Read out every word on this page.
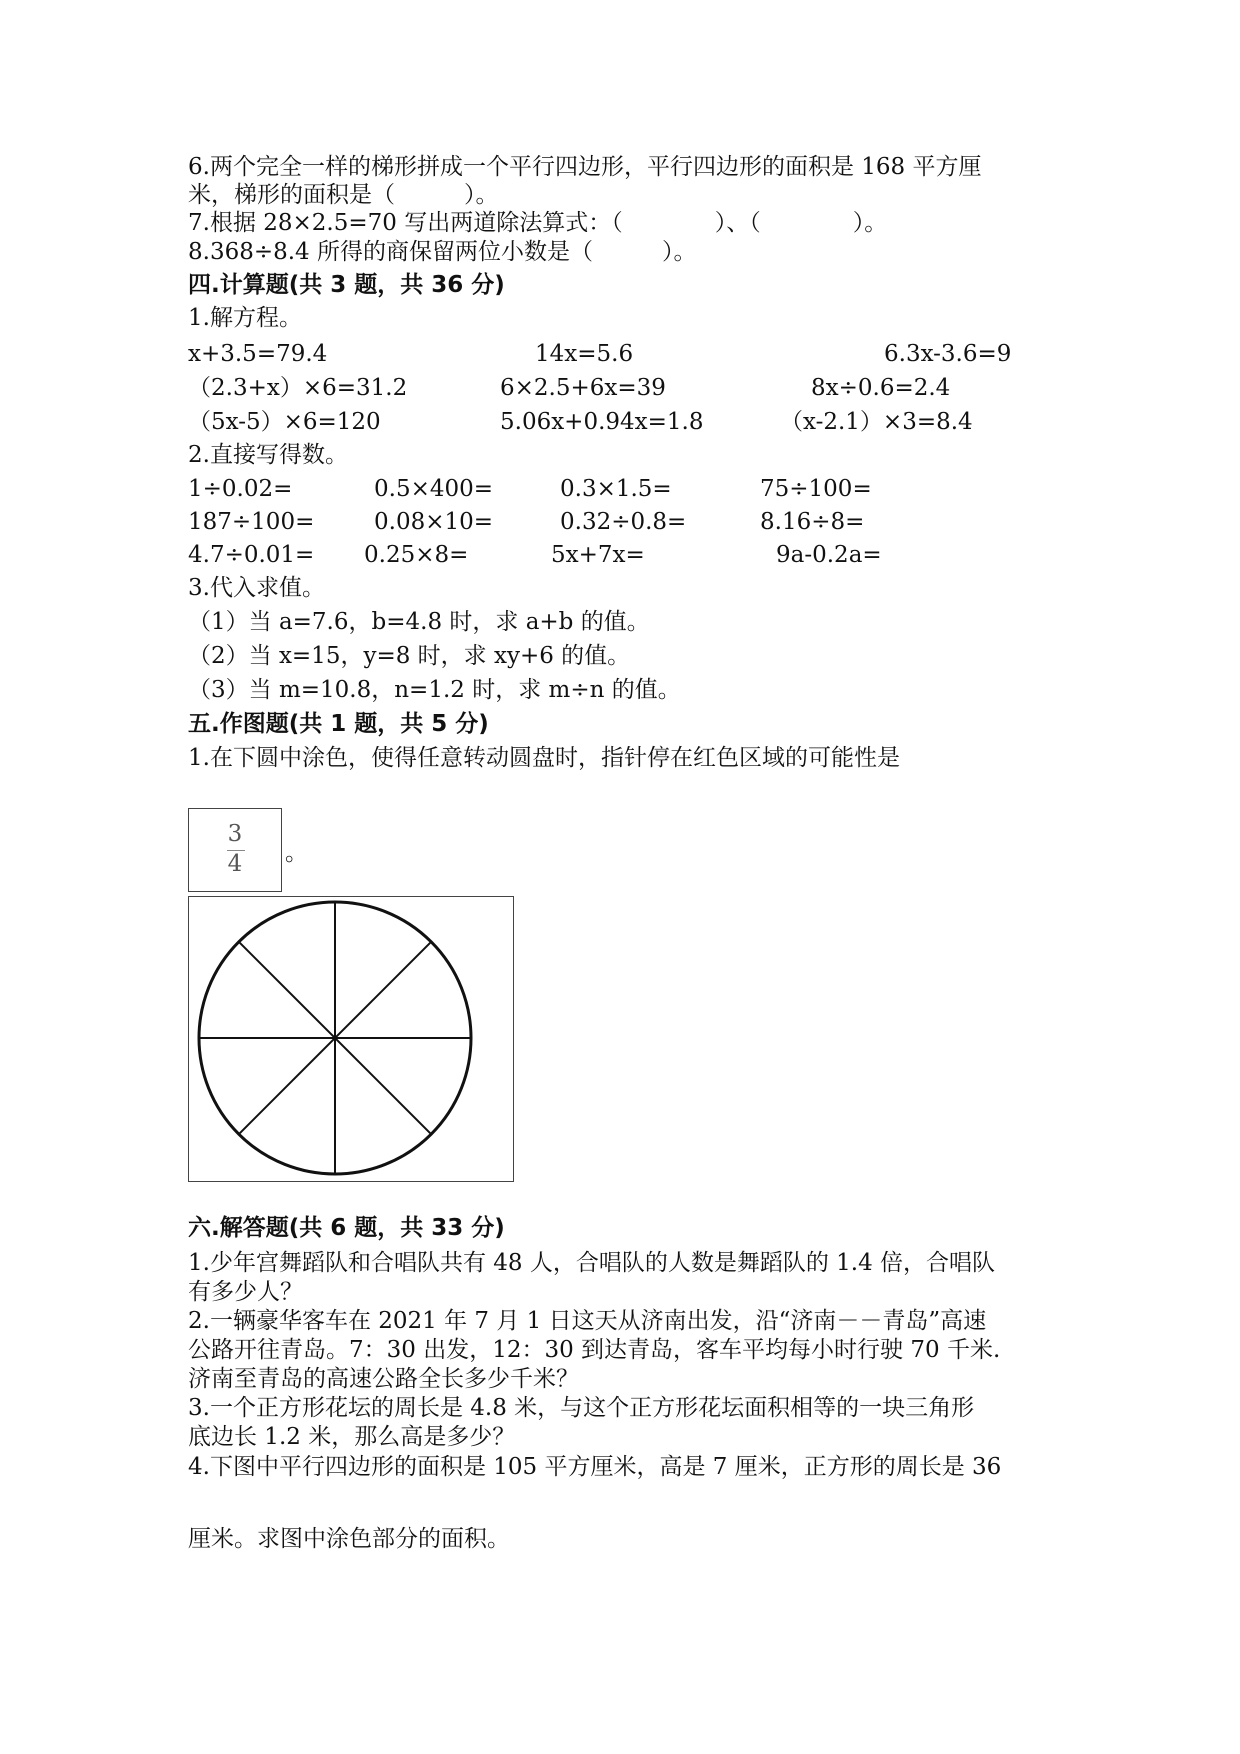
6.两个完全一样的梯形拼成一个平行四边形，平行四边形的面积是 168 平方厘
米，梯形的面积是（　　　）。
7.根据 28×2.5=70 写出两道除法算式：（　　　　）、（　　　　）。
8.368÷8.4 所得的商保留两位小数是（　　　）。
四.计算题(共 3 题，共 36 分)
1.解方程。
x+3.5=79.4	14x=5.6	6.3x-3.6=9
（2.3+x）×6=31.2	6×2.5+6x=39	8x÷0.6=2.4
（5x-5）×6=120	5.06x+0.94x=1.8	（x-2.1）×3=8.4
2.直接写得数。
1÷0.02=	0.5×400=	0.3×1.5=	75÷100=
187÷100=	0.08×10=	0.32÷0.8=	8.16÷8=
4.7÷0.01= 0.25×8=	5x+7x=	9a-0.2a=
3.代入求值。
（1）当 a=7.6，b=4.8 时，求 a+b 的值。
（2）当 x=15，y=8 时，求 xy+6 的值。
（3）当 m=10.8，n=1.2 时，求 m÷n 的值。
五.作图题(共 1 题，共 5 分)
1.在下圆中涂色，使得任意转动圆盘时，指针停在红色区域的可能性是
3
4	。
六.解答题(共 6 题，共 33 分)
1.少年宫舞蹈队和合唱队共有 48 人，合唱队的人数是舞蹈队的 1.4 倍，合唱队
有多少人？
2.一辆豪华客车在 2021 年 7 月 1 日这天从济南出发，沿“济南－－青岛”高速
公路开往青岛。7：30 出发，12：30 到达青岛，客车平均每小时行驶 70 千米.
济南至青岛的高速公路全长多少千米？
3.一个正方形花坛的周长是 4.8 米，与这个正方形花坛面积相等的一块三角形
底边长 1.2 米，那么高是多少？
4.下图中平行四边形的面积是 105 平方厘米，高是 7 厘米，正方形的周长是 36
厘米。求图中涂色部分的面积。
